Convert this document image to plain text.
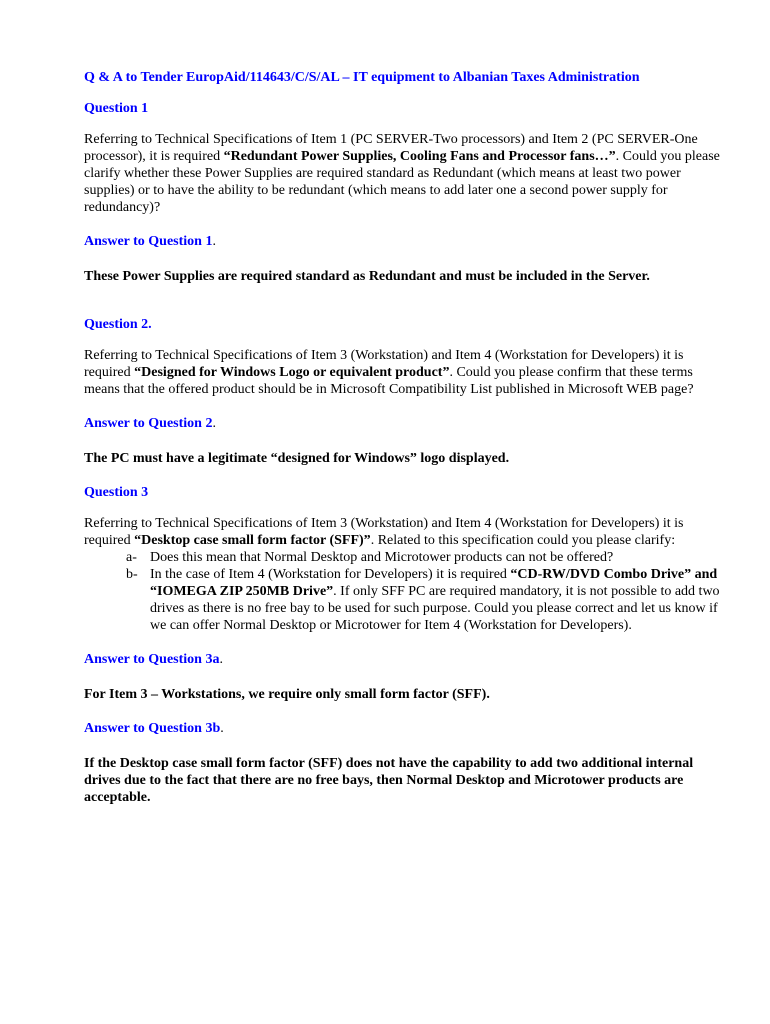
Q & A to Tender EuropAid/114643/C/S/AL – IT equipment to Albanian Taxes Administration
Question 1

Referring to Technical Specifications of Item 1 (PC SERVER-Two processors) and Item 2 (PC SERVER-One processor), it is required “Redundant Power Supplies, Cooling Fans and Processor fans…”. Could you please clarify whether these Power Supplies are required standard as Redundant (which means at least two power supplies) or to have the ability to be redundant (which means to add later one a second power supply for redundancy)?

Answer to Question 1.

These Power Supplies are required standard as Redundant and must be included in the Server.

Question 2.

Referring to Technical Specifications of Item 3 (Workstation) and Item 4 (Workstation for Developers) it is required “Designed for Windows Logo or equivalent product”. Could you please confirm that these terms means that the offered product should be in Microsoft Compatibility List published in Microsoft WEB page?

Answer to Question 2.

The PC must have a legitimate “designed for Windows” logo displayed.

Question 3

Referring to Technical Specifications of Item 3 (Workstation) and Item 4 (Workstation for Developers) it is required “Desktop case small form factor (SFF)”. Related to this specification could you please clarify:

a- Does this mean that Normal Desktop and Microtower products can not be offered?
b- In the case of Item 4 (Workstation for Developers) it is required “CD-RW/DVD Combo Drive” and “IOMEGA ZIP 250MB Drive”. If only SFF PC are required mandatory, it is not possible to add two drives as there is no free bay to be used for such purpose. Could you please correct and let us know if we can offer Normal Desktop or Microtower for Item 4 (Workstation for Developers).
Answer to Question 3a.

For Item 3 – Workstations, we require only small form factor (SFF).

Answer to Question 3b.

If the Desktop case small form factor (SFF) does not have the capability to add two additional internal drives due to the fact that there are no free bays, then Normal Desktop and Microtower products are acceptable.
